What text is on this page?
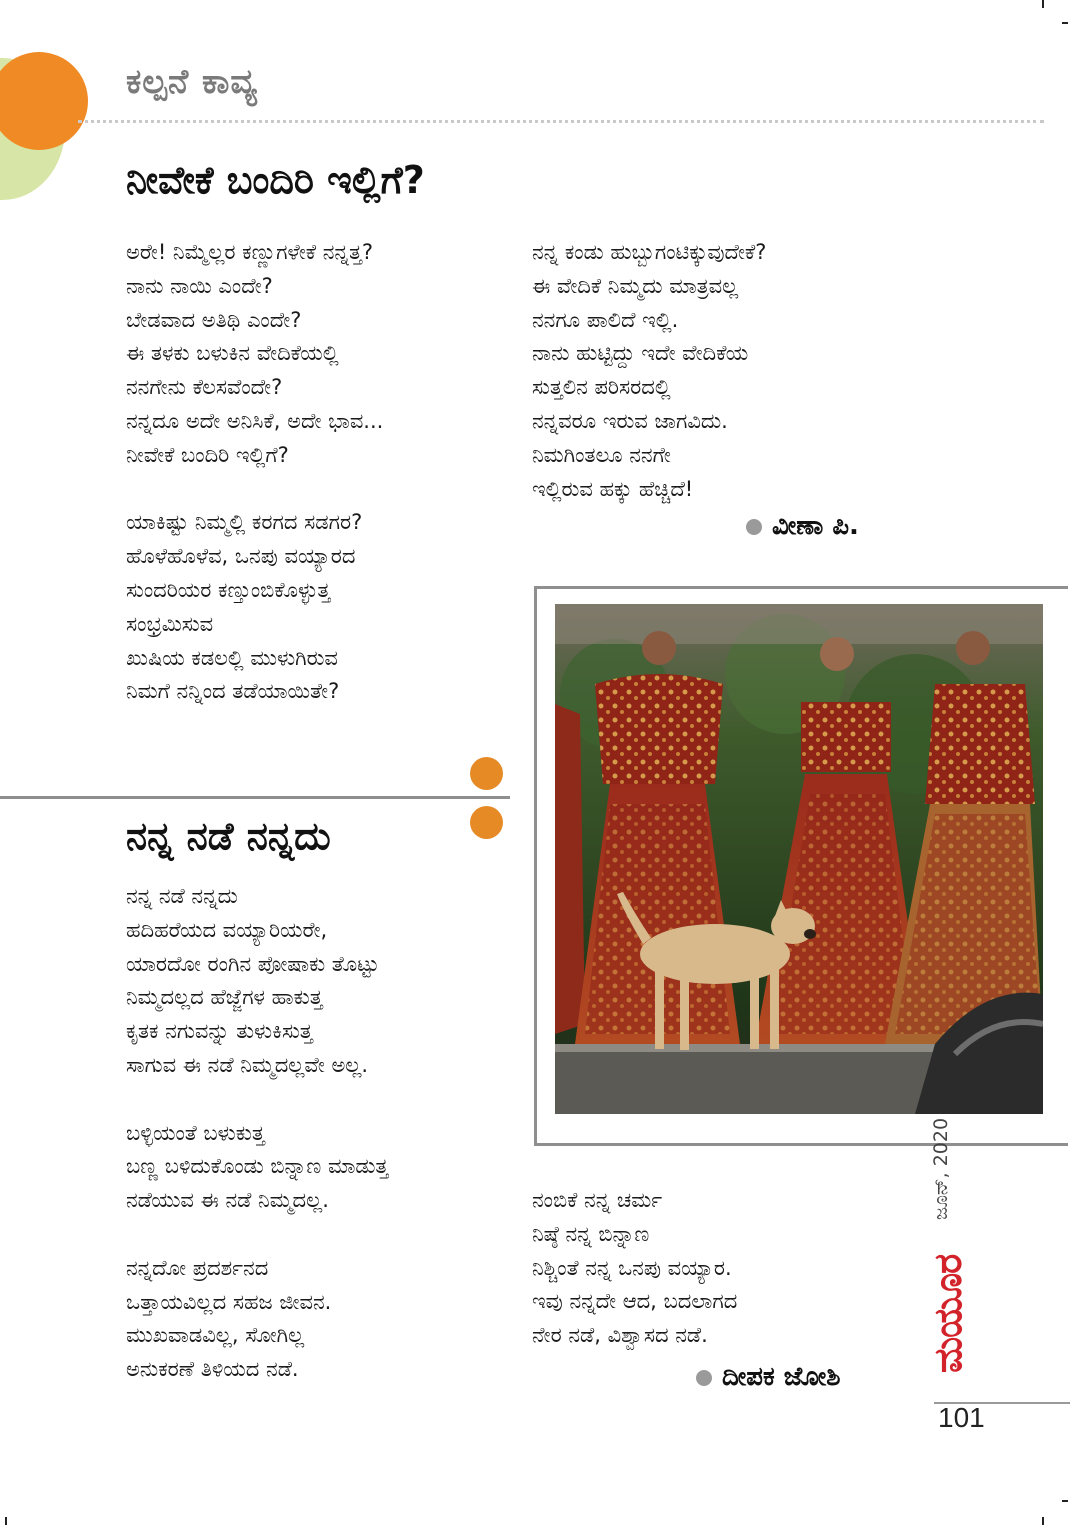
ಕಲ್ಪನೆ ಕಾವ್ಯ
ನೀವೇಕೆ ಬಂದಿರಿ ಇಲ್ಲಿಗೆ?
ಅರೇ! ನಿಮ್ಮೆಲ್ಲರ ಕಣ್ಣುಗಳೇಕೆ ನನ್ನತ್ತ?
ನಾನು ನಾಯಿ ಎಂದೇ?
ಬೇಡವಾದ ಅತಿಥಿ ಎಂದೇ?
ಈ ತಳಕು ಬಳುಕಿನ ವೇದಿಕೆಯಲ್ಲಿ
ನನಗೇನು ಕೆಲಸವೆಂದೇ?
ನನ್ನದೂ ಅದೇ ಅನಿಸಿಕೆ, ಅದೇ ಭಾವ...
ನೀವೇಕೆ ಬಂದಿರಿ ಇಲ್ಲಿಗೆ?
ಯಾಕಿಷ್ಟು ನಿಮ್ಮಲ್ಲಿ ಕರಗದ ಸಡಗರ?
ಹೊಳೆಹೊಳೆವ, ಒನಪು ವಯ್ಯಾರದ
ಸುಂದರಿಯರ ಕಣ್ತುಂಬಿಕೊಳ್ಳುತ್ತ
ಸಂಭ್ರಮಿಸುವ
ಖುಷಿಯ ಕಡಲಲ್ಲಿ ಮುಳುಗಿರುವ
ನಿಮಗೆ ನನ್ನಿಂದ ತಡೆಯಾಯಿತೇ?
ನನ್ನ ಕಂಡು ಹುಬ್ಬುಗಂಟಿಕ್ಕುವುದೇಕೆ?
ಈ ವೇದಿಕೆ ನಿಮ್ಮದು ಮಾತ್ರವಲ್ಲ
ನನಗೂ ಪಾಲಿದೆ ಇಲ್ಲಿ.
ನಾನು ಹುಟ್ಟಿದ್ದು ಇದೇ ವೇದಿಕೆಯ
ಸುತ್ತಲಿನ ಪರಿಸರದಲ್ಲಿ
ನನ್ನವರೂ ಇರುವ ಜಾಗವಿದು.
ನಿಮಗಿಂತಲೂ ನನಗೇ
ಇಲ್ಲಿರುವ ಹಕ್ಕು ಹೆಚ್ಚಿದೆ!
ವೀಣಾ ಪಿ.
ನನ್ನ ನಡೆ ನನ್ನದು
ನನ್ನ ನಡೆ ನನ್ನದು
ಹದಿಹರೆಯದ ವಯ್ಯಾರಿಯರೇ,
ಯಾರದೋ ರಂಗಿನ ಪೋಷಾಕು ತೊಟ್ಟು
ನಿಮ್ಮದಲ್ಲದ ಹೆಜ್ಜೆಗಳ ಹಾಕುತ್ತ
ಕೃತಕ ನಗುವನ್ನು ತುಳುಕಿಸುತ್ತ
ಸಾಗುವ ಈ ನಡೆ ನಿಮ್ಮದಲ್ಲವೇ ಅಲ್ಲ.
ಬಳ್ಳಿಯಂತೆ ಬಳುಕುತ್ತ
ಬಣ್ಣ ಬಳಿದುಕೊಂಡು ಬಿನ್ನಾಣ ಮಾಡುತ್ತ
ನಡೆಯುವ ಈ ನಡೆ ನಿಮ್ಮದಲ್ಲ.
ನನ್ನದೋ ಪ್ರದರ್ಶನದ
ಒತ್ತಾಯವಿಲ್ಲದ ಸಹಜ ಜೀವನ.
ಮುಖವಾಡವಿಲ್ಲ, ಸೋಗಿಲ್ಲ
ಅನುಕರಣೆ ತಿಳಿಯದ ನಡೆ.
ನಂಬಿಕೆ ನನ್ನ ಚರ್ಮ
ನಿಷ್ಠೆ ನನ್ನ ಬಿನ್ನಾಣ
ನಿಶ್ಚಿಂತೆ ನನ್ನ ಒನಪು ವಯ್ಯಾರ.
ಇವು ನನ್ನದೇ ಆದ, ಬದಲಾಗದ
ನೇರ ನಡೆ, ವಿಶ್ವಾಸದ ನಡೆ.
ದೀಪಕ ಜೋಶಿ
ಜೂನ್, 2020
ಮಯೂರ
101
